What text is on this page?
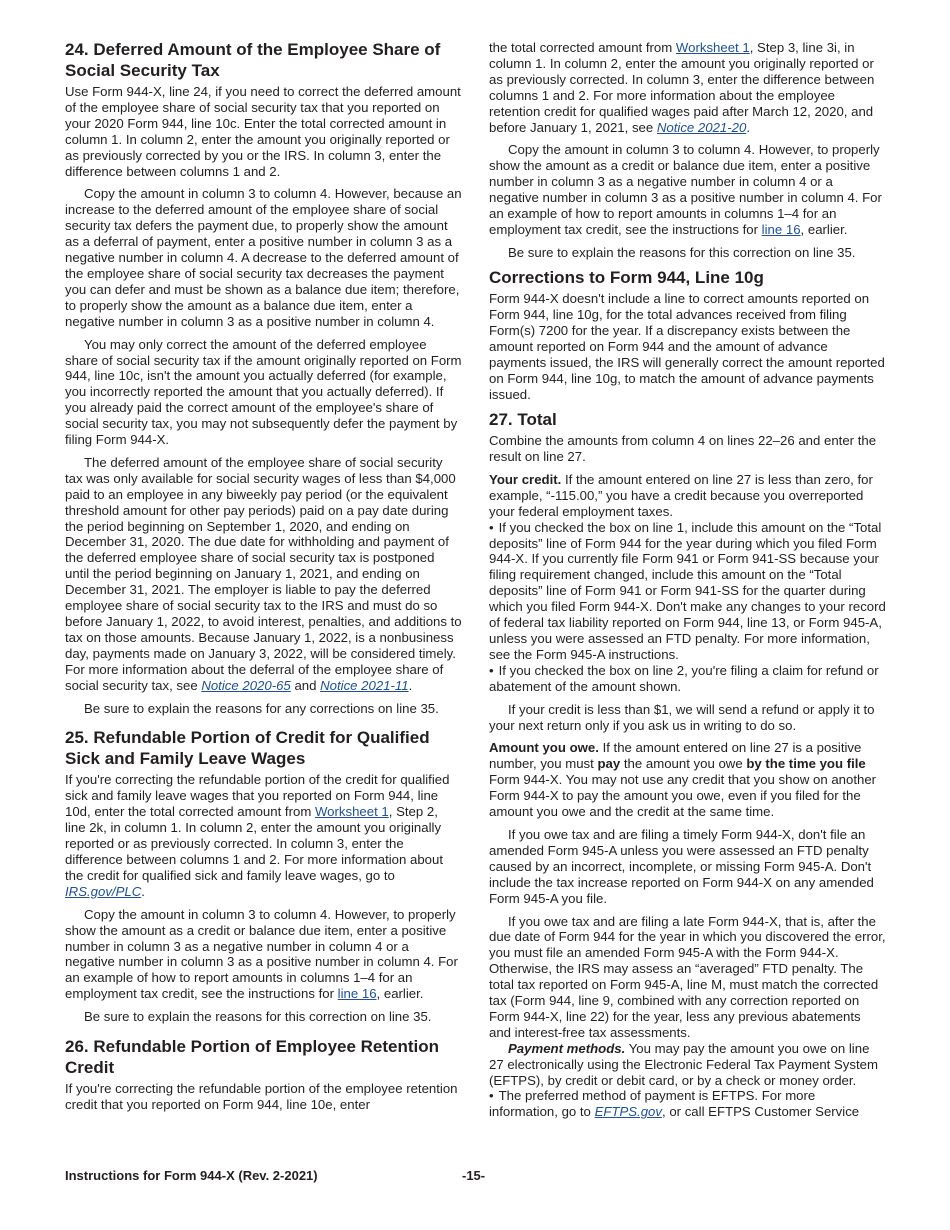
24. Deferred Amount of the Employee Share of Social Security Tax

Use Form 944-X, line 24, if you need to correct the deferred amount of the employee share of social security tax that you reported on your 2020 Form 944, line 10c. Enter the total corrected amount in column 1. In column 2, enter the amount you originally reported or as previously corrected by you or the IRS. In column 3, enter the difference between columns 1 and 2.

Copy the amount in column 3 to column 4. However, because an increase to the deferred amount of the employee share of social security tax defers the payment due, to properly show the amount as a deferral of payment, enter a positive number in column 3 as a negative number in column 4. A decrease to the deferred amount of the employee share of social security tax decreases the payment you can defer and must be shown as a balance due item; therefore, to properly show the amount as a balance due item, enter a negative number in column 3 as a positive number in column 4.

You may only correct the amount of the deferred employee share of social security tax if the amount originally reported on Form 944, line 10c, isn't the amount you actually deferred (for example, you incorrectly reported the amount that you actually deferred). If you already paid the correct amount of the employee's share of social security tax, you may not subsequently defer the payment by filing Form 944-X.

The deferred amount of the employee share of social security tax was only available for social security wages of less than $4,000 paid to an employee in any biweekly pay period (or the equivalent threshold amount for other pay periods) paid on a pay date during the period beginning on September 1, 2020, and ending on December 31, 2020. The due date for withholding and payment of the deferred employee share of social security tax is postponed until the period beginning on January 1, 2021, and ending on December 31, 2021. The employer is liable to pay the deferred employee share of social security tax to the IRS and must do so before January 1, 2022, to avoid interest, penalties, and additions to tax on those amounts. Because January 1, 2022, is a nonbusiness day, payments made on January 3, 2022, will be considered timely. For more information about the deferral of the employee share of social security tax, see Notice 2020-65 and Notice 2021-11.

Be sure to explain the reasons for any corrections on line 35.

25. Refundable Portion of Credit for Qualified Sick and Family Leave Wages

If you're correcting the refundable portion of the credit for qualified sick and family leave wages that you reported on Form 944, line 10d, enter the total corrected amount from Worksheet 1, Step 2, line 2k, in column 1. In column 2, enter the amount you originally reported or as previously corrected. In column 3, enter the difference between columns 1 and 2. For more information about the credit for qualified sick and family leave wages, go to IRS.gov/PLC.

Copy the amount in column 3 to column 4. However, to properly show the amount as a credit or balance due item, enter a positive number in column 3 as a negative number in column 4 or a negative number in column 3 as a positive number in column 4. For an example of how to report amounts in columns 1–4 for an employment tax credit, see the instructions for line 16, earlier.

Be sure to explain the reasons for this correction on line 35.

26. Refundable Portion of Employee Retention Credit

If you're correcting the refundable portion of the employee retention credit that you reported on Form 944, line 10e, enter

the total corrected amount from Worksheet 1, Step 3, line 3i, in column 1. In column 2, enter the amount you originally reported or as previously corrected. In column 3, enter the difference between columns 1 and 2. For more information about the employee retention credit for qualified wages paid after March 12, 2020, and before January 1, 2021, see Notice 2021-20.

Copy the amount in column 3 to column 4. However, to properly show the amount as a credit or balance due item, enter a positive number in column 3 as a negative number in column 4 or a negative number in column 3 as a positive number in column 4. For an example of how to report amounts in columns 1–4 for an employment tax credit, see the instructions for line 16, earlier.

Be sure to explain the reasons for this correction on line 35.

Corrections to Form 944, Line 10g

Form 944-X doesn't include a line to correct amounts reported on Form 944, line 10g, for the total advances received from filing Form(s) 7200 for the year. If a discrepancy exists between the amount reported on Form 944 and the amount of advance payments issued, the IRS will generally correct the amount reported on Form 944, line 10g, to match the amount of advance payments issued.

27. Total

Combine the amounts from column 4 on lines 22–26 and enter the result on line 27.

Your credit. If the amount entered on line 27 is less than zero, for example, “-115.00,” you have a credit because you overreported your federal employment taxes.

• If you checked the box on line 1, include this amount on the “Total deposits” line of Form 944 for the year during which you filed Form 944-X. If you currently file Form 941 or Form 941-SS because your filing requirement changed, include this amount on the “Total deposits” line of Form 941 or Form 941-SS for the quarter during which you filed Form 944-X. Don't make any changes to your record of federal tax liability reported on Form 944, line 13, or Form 945-A, unless you were assessed an FTD penalty. For more information, see the Form 945-A instructions.

• If you checked the box on line 2, you're filing a claim for refund or abatement of the amount shown.

If your credit is less than $1, we will send a refund or apply it to your next return only if you ask us in writing to do so.

Amount you owe. If the amount entered on line 27 is a positive number, you must pay the amount you owe by the time you file Form 944-X. You may not use any credit that you show on another Form 944-X to pay the amount you owe, even if you filed for the amount you owe and the credit at the same time.

If you owe tax and are filing a timely Form 944-X, don't file an amended Form 945-A unless you were assessed an FTD penalty caused by an incorrect, incomplete, or missing Form 945-A. Don't include the tax increase reported on Form 944-X on any amended Form 945-A you file.

If you owe tax and are filing a late Form 944-X, that is, after the due date of Form 944 for the year in which you discovered the error, you must file an amended Form 945-A with the Form 944-X. Otherwise, the IRS may assess an “averaged” FTD penalty. The total tax reported on Form 945-A, line M, must match the corrected tax (Form 944, line 9, combined with any correction reported on Form 944-X, line 22) for the year, less any previous abatements and interest-free tax assessments.

Payment methods. You may pay the amount you owe on line 27 electronically using the Electronic Federal Tax Payment System (EFTPS), by credit or debit card, or by a check or money order.

• The preferred method of payment is EFTPS. For more information, go to EFTPS.gov, or call EFTPS Customer Service

Instructions for Form 944-X (Rev. 2-2021)	-15-
